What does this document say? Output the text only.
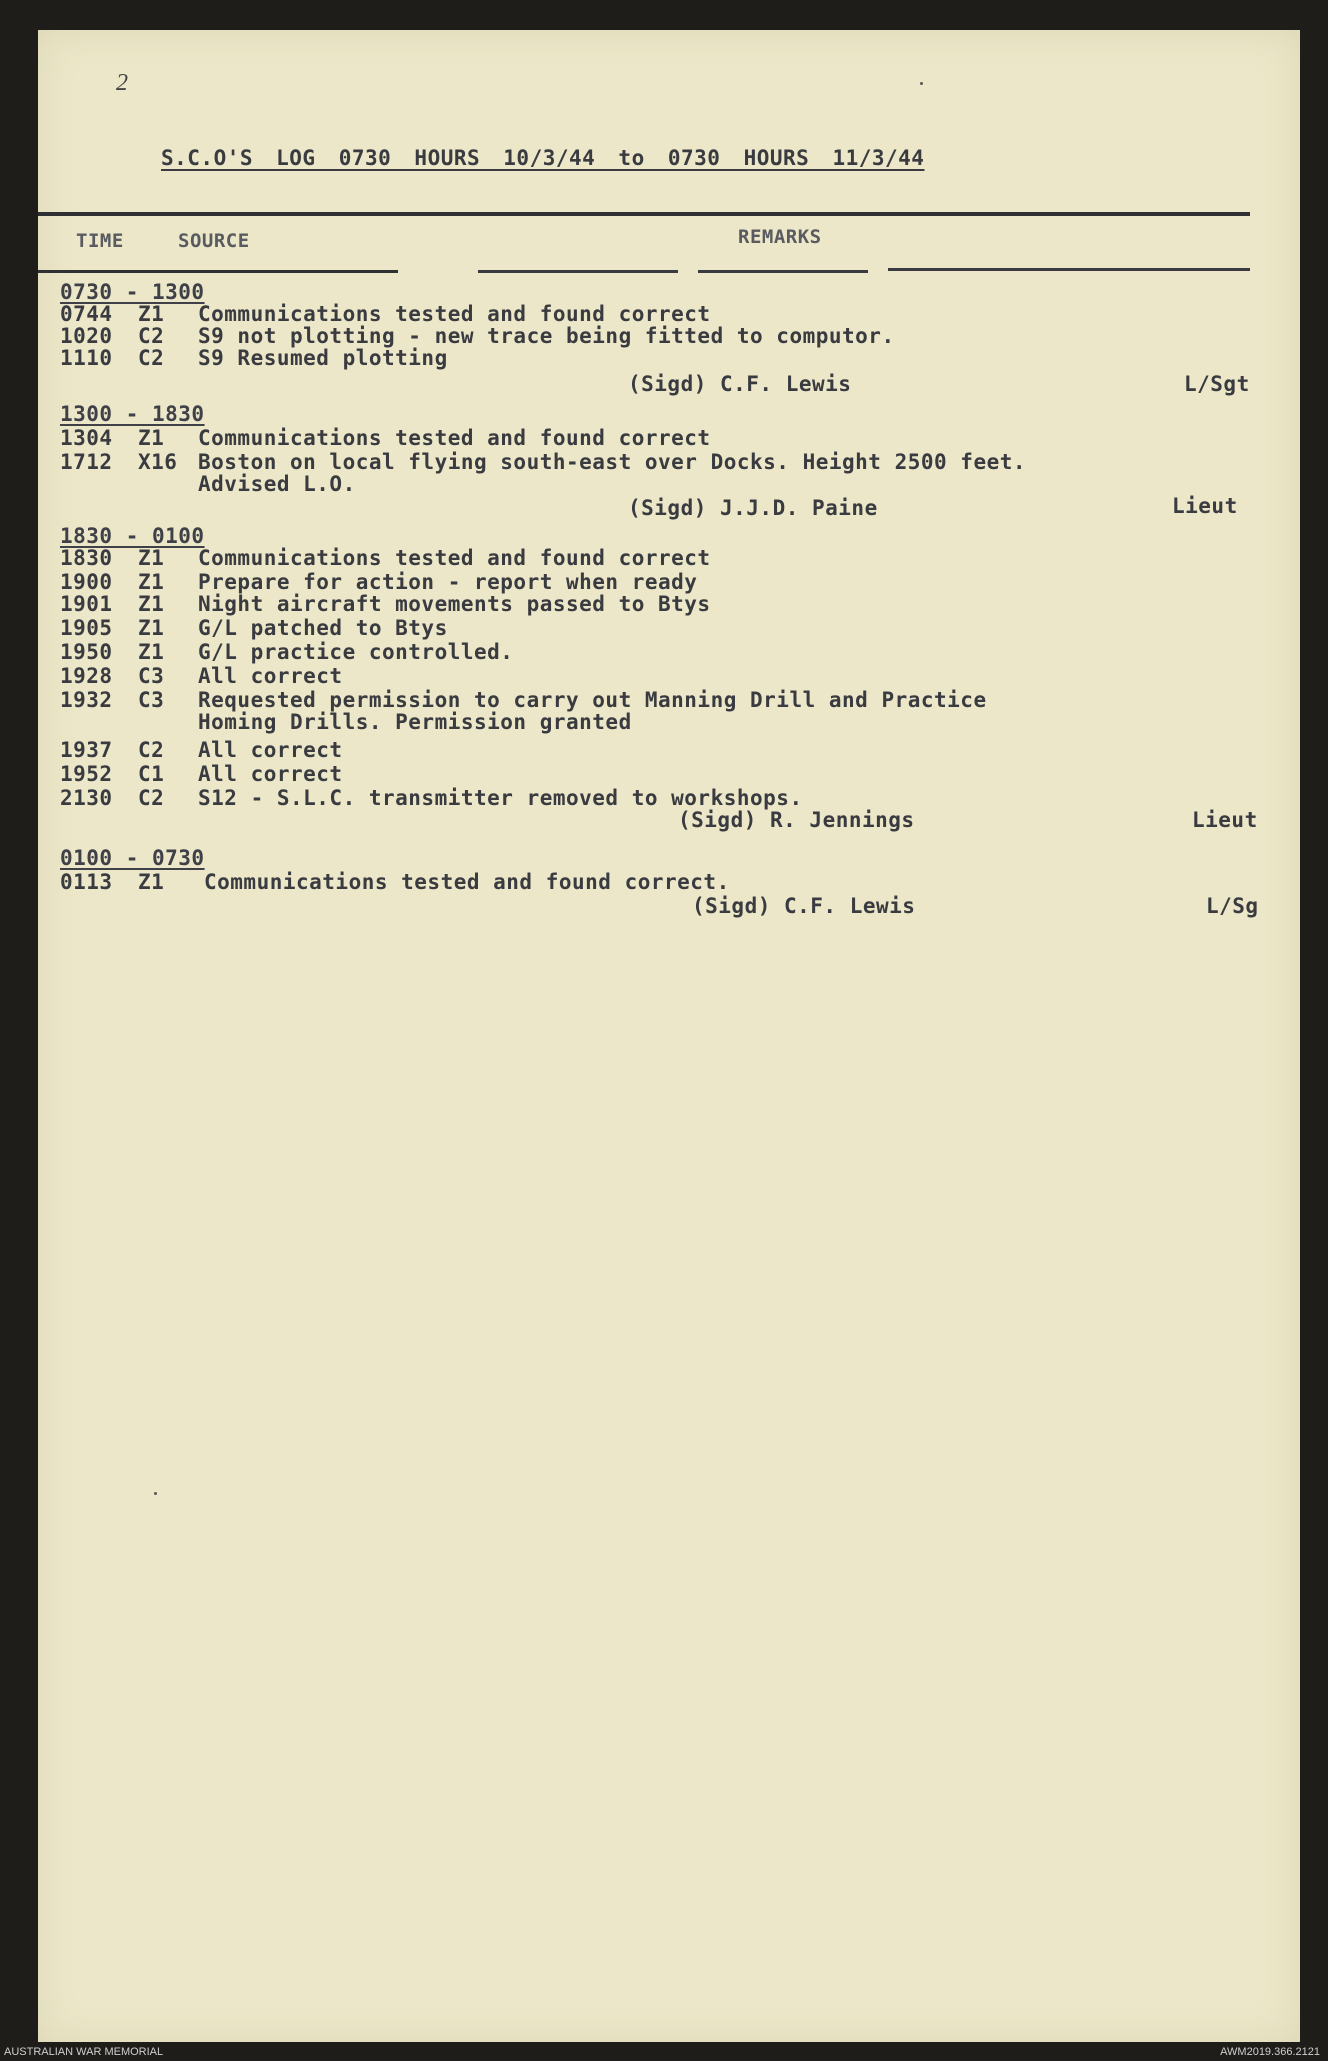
2
S.C.O'S LOG 0730 HOURS 10/3/44 to 0730 HOURS 11/3/44
TIME	SOURCE	REMARKS
0730 - 1300
0744 Z1 Communications tested and found correct
1020 C2 S9 not plotting - new trace being fitted to computor.
1110 C2 S9 Resumed plotting
(Sigd) C.F. Lewis	L/Sgt
1300 - 1830
1304 Z1 Communications tested and found correct
1712 X16 Boston on local flying south-east over Docks. Height 2500 feet.
Advised L.O.
(Sigd) J.J.D. Paine	Lieut
1830 - 0100
1830 Z1 Communications tested and found correct
1900 Z1 Prepare for action - report when ready
1901 Z1 Night aircraft movements passed to Btys
1905 Z1 G/L patched to Btys
1950 Z1 G/L practice controlled.
1928 C3 All correct
1932 C3 Requested permission to carry out Manning Drill and Practice
Homing Drills. Permission granted
1937 C2 All correct
1952 C1 All correct
2130 C2 S12 - S.L.C. transmitter removed to workshops.
(Sigd) R. Jennings	Lieut
0100 - 0730
0113 Z1 Communications tested and found correct.
(Sigd) C.F. Lewis	L/Sg
AUSTRALIAN WAR MEMORIAL	AWM2019.366.2121
